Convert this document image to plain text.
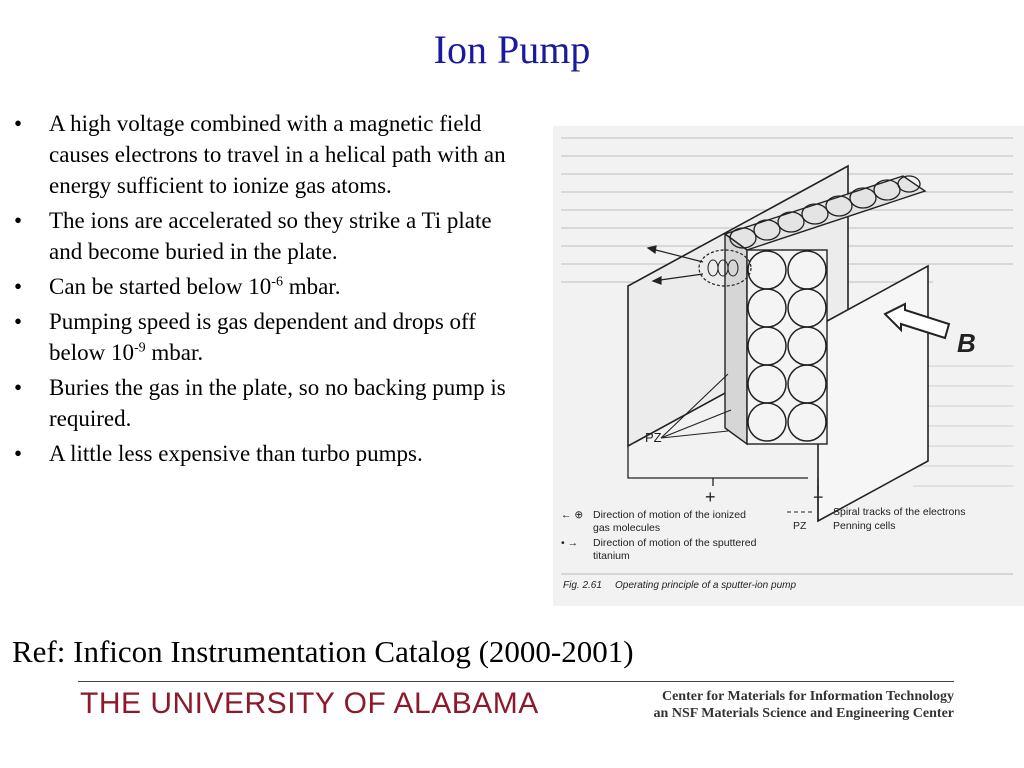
Ion Pump
• A high voltage combined with a magnetic field causes electrons to travel in a helical path with an energy sufficient to ionize gas atoms.
• The ions are accelerated so they strike a Ti plate and become buried in the plate.
• Can be started below $10^{-6}$ mbar.
• Pumping speed is gas dependent and drops off below $10^{-9}$ mbar.
• Buries the gas in the plate, so no backing pump is required.
• A little less expensive than turbo pumps.
B
PZ
+	−
← ⊕ Direction of motion of the ionized
gas molecules
• → Direction of motion of the sputtered
titanium
Spiral tracks of the electrons
PZ	Penning cells
Fig. 2.61 Operating principle of a sputter-ion pump
Ref: Inficon Instrumentation Catalog (2000-2001)
THE UNIVERSITY OF ALABAMA	Center for Materials for Information Technology
an NSF Materials Science and Engineering Center
